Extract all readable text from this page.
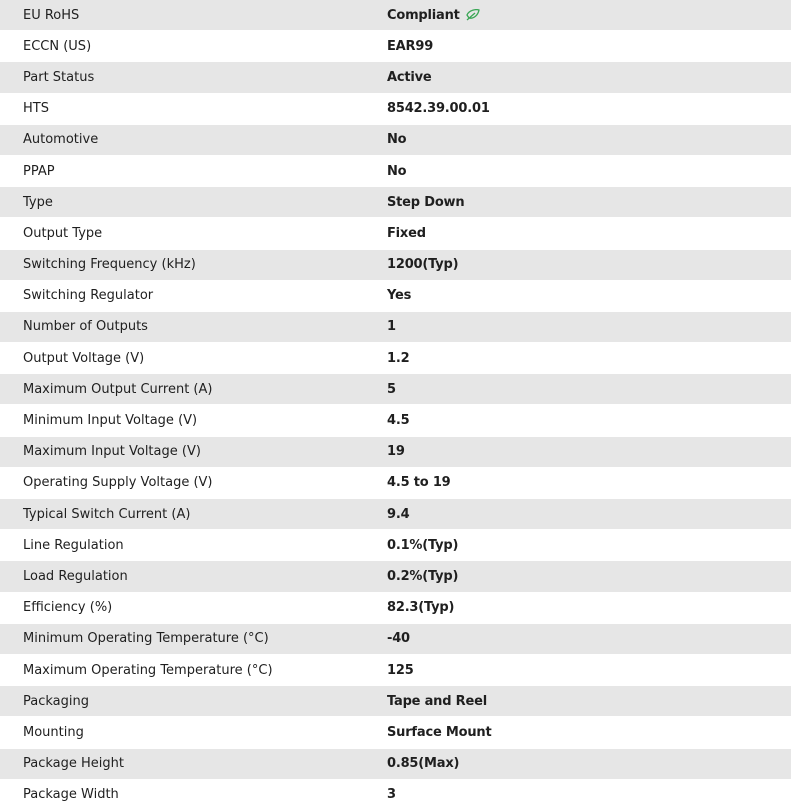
EU RoHS	Compliant
ECCN (US)	EAR99
Part Status	Active
HTS	8542.39.00.01
Automotive	No
PPAP	No
Type	Step Down
Output Type	Fixed
Switching Frequency (kHz)	1200(Typ)
Switching Regulator	Yes
Number of Outputs	1
Output Voltage (V)	1.2
Maximum Output Current (A)	5
Minimum Input Voltage (V)	4.5
Maximum Input Voltage (V)	19
Operating Supply Voltage (V)	4.5 to 19
Typical Switch Current (A)	9.4
Line Regulation	0.1%(Typ)
Load Regulation	0.2%(Typ)
Efficiency (%)	82.3(Typ)
Minimum Operating Temperature (°C)	-40
Maximum Operating Temperature (°C)	125
Packaging	Tape and Reel
Mounting	Surface Mount
Package Height	0.85(Max)
Package Width	3
